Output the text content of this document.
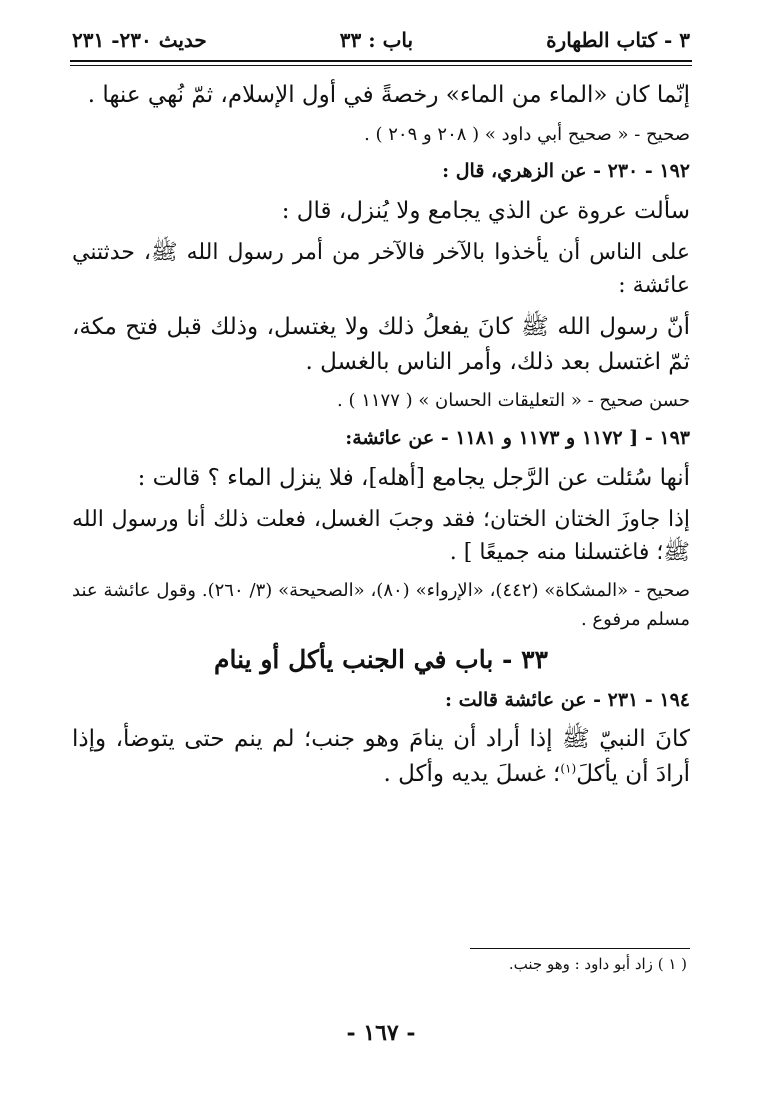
٣ - كتاب الطهارة
باب : ٣٣
حديث ٢٣٠- ٢٣١
إنّما كان «الماء من الماء» رخصةً في أول الإسلام، ثمّ نُهي عنها .
صحيح - « صحيح أبي داود » ( ٢٠٨ و ٢٠٩ ) .
١٩٢ - ٢٣٠ - عن الزهري، قال :
سألت عروة عن الذي يجامع ولا يُنزل، قال :
على الناس أن يأخذوا بالآخر فالآخر من أمر رسول الله ﷺ، حدثتني عائشة :
أنّ رسول الله ﷺ كانَ يفعلُ ذلك ولا يغتسل، وذلك قبل فتح مكة، ثمّ اغتسل بعد ذلك، وأمر الناس بالغسل .
حسن صحيح - « التعليقات الحسان » ( ١١٧٧ ) .
١٩٣ - [ ١١٧٢ و ١١٧٣ و ١١٨١ - عن عائشة:
أنها سُئلت عن الرَّجل يجامع [أهله]، فلا ينزل الماء ؟ قالت :
إذا جاوزَ الختان الختان؛ فقد وجبَ الغسل، فعلت ذلك أنا ورسول الله ﷺ؛ فاغتسلنا منه جميعًا ] .
صحيح - «المشكاة» (٤٤٢)، «الإرواء» (٨٠)، «الصحيحة» (٣/ ٢٦٠). وقول عائشة عند مسلم مرفوع .
٣٣ - باب في الجنب يأكل أو ينام
١٩٤ - ٢٣١ - عن عائشة قالت :
كانَ النبيّ ﷺ إذا أراد أن ينامَ وهو جنب؛ لم ينم حتى يتوضأ، وإذا أرادَ أن يأكلَ$^{(١)}$؛ غسلَ يديه وأكل .
( ١ ) زاد أبو داود : وهو جنب.
- ١٦٧ -
